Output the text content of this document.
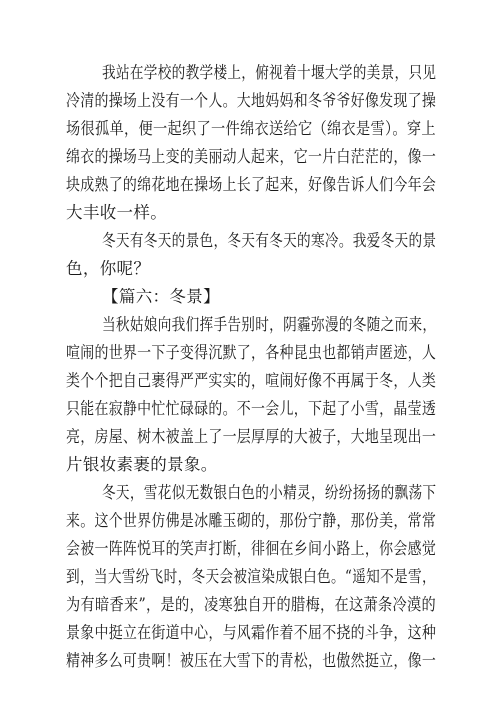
我站在学校的教学楼上，俯视着十堰大学的美景，只见
冷清的操场上没有一个人。大地妈妈和冬爷爷好像发现了操
场很孤单，便一起织了一件绵衣送给它（绵衣是雪）。穿上
绵衣的操场马上变的美丽动人起来，它一片白茫茫的，像一
块成熟了的绵花地在操场上长了起来，好像告诉人们今年会
大丰收一样。
冬天有冬天的景色，冬天有冬天的寒冷。我爱冬天的景
色，你呢？
【篇六：冬景】
当秋姑娘向我们挥手告别时，阴霾弥漫的冬随之而来，
喧闹的世界一下子变得沉默了，各种昆虫也都销声匿迹，人
类个个把自己裹得严严实实的，喧闹好像不再属于冬，人类
只能在寂静中忙忙碌碌的。不一会儿，下起了小雪，晶莹透
亮，房屋、树木被盖上了一层厚厚的大被子，大地呈现出一
片银妆素裹的景象。
冬天，雪花似无数银白色的小精灵，纷纷扬扬的飘荡下
来。这个世界仿佛是冰雕玉砌的，那份宁静，那份美，常常
会被一阵阵悦耳的笑声打断，徘徊在乡间小路上，你会感觉
到，当大雪纷飞时，冬天会被渲染成银白色。“遥知不是雪，
为有暗香来”，是的，凌寒独自开的腊梅，在这萧条冷漠的
景象中挺立在街道中心，与风霜作着不屈不挠的斗争，这种
精神多么可贵啊！被压在大雪下的青松，也傲然挺立，像一
